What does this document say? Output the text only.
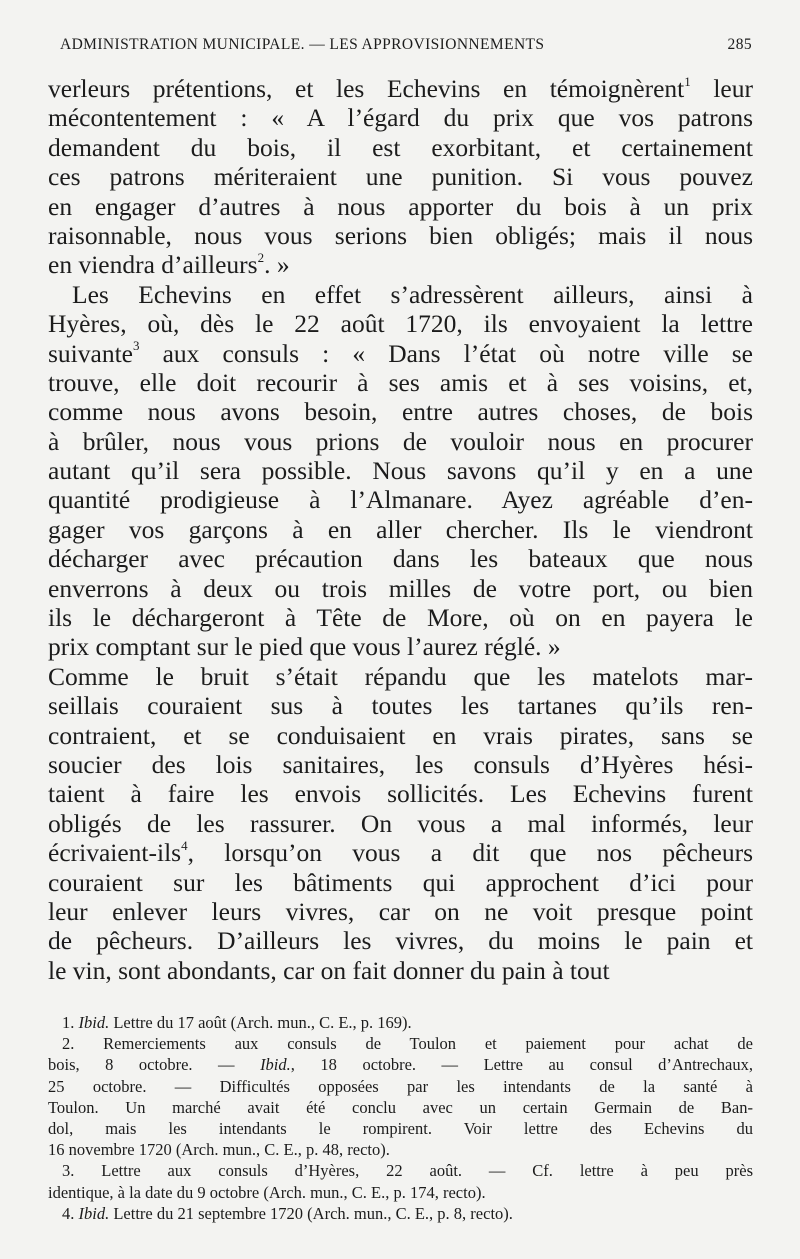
ADMINISTRATION MUNICIPALE. — LES APPROVISIONNEMENTS	285
verleurs prétentions, et les Echevins en témoignèrent$^1$ leur
mécontentement : « A l’égard du prix que vos patrons
demandent du bois, il est exorbitant, et certainement
ces patrons mériteraient une punition. Si vous pouvez
en engager d’autres à nous apporter du bois à un prix
raisonnable, nous vous serions bien obligés; mais il nous
en viendra d’ailleurs$^2$. »
Les Echevins en effet s’adressèrent ailleurs, ainsi à
Hyères, où, dès le 22 août 1720, ils envoyaient la lettre
suivante$^3$ aux consuls : « Dans l’état où notre ville se
trouve, elle doit recourir à ses amis et à ses voisins, et,
comme nous avons besoin, entre autres choses, de bois
à brûler, nous vous prions de vouloir nous en procurer
autant qu’il sera possible. Nous savons qu’il y en a une
quantité prodigieuse à l’Almanare. Ayez agréable d’en-
gager vos garçons à en aller chercher. Ils le viendront
décharger avec précaution dans les bateaux que nous
enverrons à deux ou trois milles de votre port, ou bien
ils le déchargeront à Tête de More, où on en payera le
prix comptant sur le pied que vous l’aurez réglé. »
Comme le bruit s’était répandu que les matelots mar-
seillais couraient sus à toutes les tartanes qu’ils ren-
contraient, et se conduisaient en vrais pirates, sans se
soucier des lois sanitaires, les consuls d’Hyères hési-
taient à faire les envois sollicités. Les Echevins furent
obligés de les rassurer. On vous a mal informés, leur
écrivaient-ils$^4$, lorsqu’on vous a dit que nos pêcheurs
couraient sur les bâtiments qui approchent d’ici pour
leur enlever leurs vivres, car on ne voit presque point
de pêcheurs. D’ailleurs les vivres, du moins le pain et
le vin, sont abondants, car on fait donner du pain à tout
1. Ibid. Lettre du 17 août (Arch. mun., C. E., p. 169).
2. Remerciements aux consuls de Toulon et paiement pour achat de
bois, 8 octobre. — Ibid., 18 octobre. — Lettre au consul d’Antrechaux,
25 octobre. — Difficultés opposées par les intendants de la santé à
Toulon. Un marché avait été conclu avec un certain Germain de Ban-
dol, mais les intendants le rompirent. Voir lettre des Echevins du
16 novembre 1720 (Arch. mun., C. E., p. 48, recto).
3. Lettre aux consuls d’Hyères, 22 août. — Cf. lettre à peu près
identique, à la date du 9 octobre (Arch. mun., C. E., p. 174, recto).
4. Ibid. Lettre du 21 septembre 1720 (Arch. mun., C. E., p. 8, recto).
